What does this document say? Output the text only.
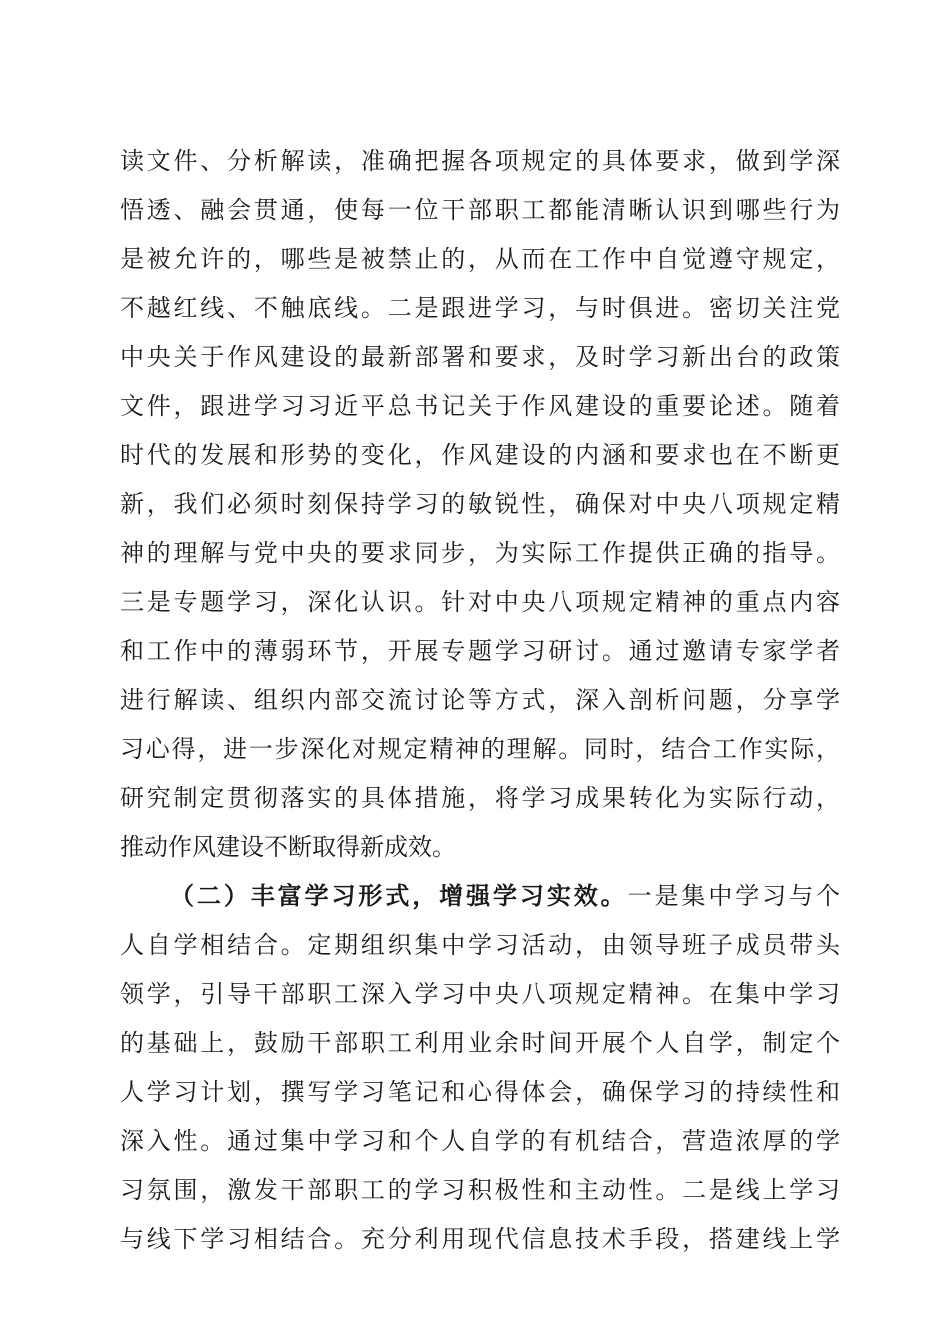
读文件、分析解读，准确把握各项规定的具体要求，做到学深
悟透、融会贯通，使每一位干部职工都能清晰认识到哪些行为
是被允许的，哪些是被禁止的，从而在工作中自觉遵守规定，
不越红线、不触底线。二是跟进学习，与时俱进。密切关注党
中央关于作风建设的最新部署和要求，及时学习新出台的政策
文件，跟进学习习近平总书记关于作风建设的重要论述。随着
时代的发展和形势的变化，作风建设的内涵和要求也在不断更
新，我们必须时刻保持学习的敏锐性，确保对中央八项规定精
神的理解与党中央的要求同步，为实际工作提供正确的指导。
三是专题学习，深化认识。针对中央八项规定精神的重点内容
和工作中的薄弱环节，开展专题学习研讨。通过邀请专家学者
进行解读、组织内部交流讨论等方式，深入剖析问题，分享学
习心得，进一步深化对规定精神的理解。同时，结合工作实际，
研究制定贯彻落实的具体措施，将学习成果转化为实际行动，
推动作风建设不断取得新成效。
（二）丰富学习形式，增强学习实效。一是集中学习与个
人自学相结合。定期组织集中学习活动，由领导班子成员带头
领学，引导干部职工深入学习中央八项规定精神。在集中学习
的基础上，鼓励干部职工利用业余时间开展个人自学，制定个
人学习计划，撰写学习笔记和心得体会，确保学习的持续性和
深入性。通过集中学习和个人自学的有机结合，营造浓厚的学
习氛围，激发干部职工的学习积极性和主动性。二是线上学习
与线下学习相结合。充分利用现代信息技术手段，搭建线上学
